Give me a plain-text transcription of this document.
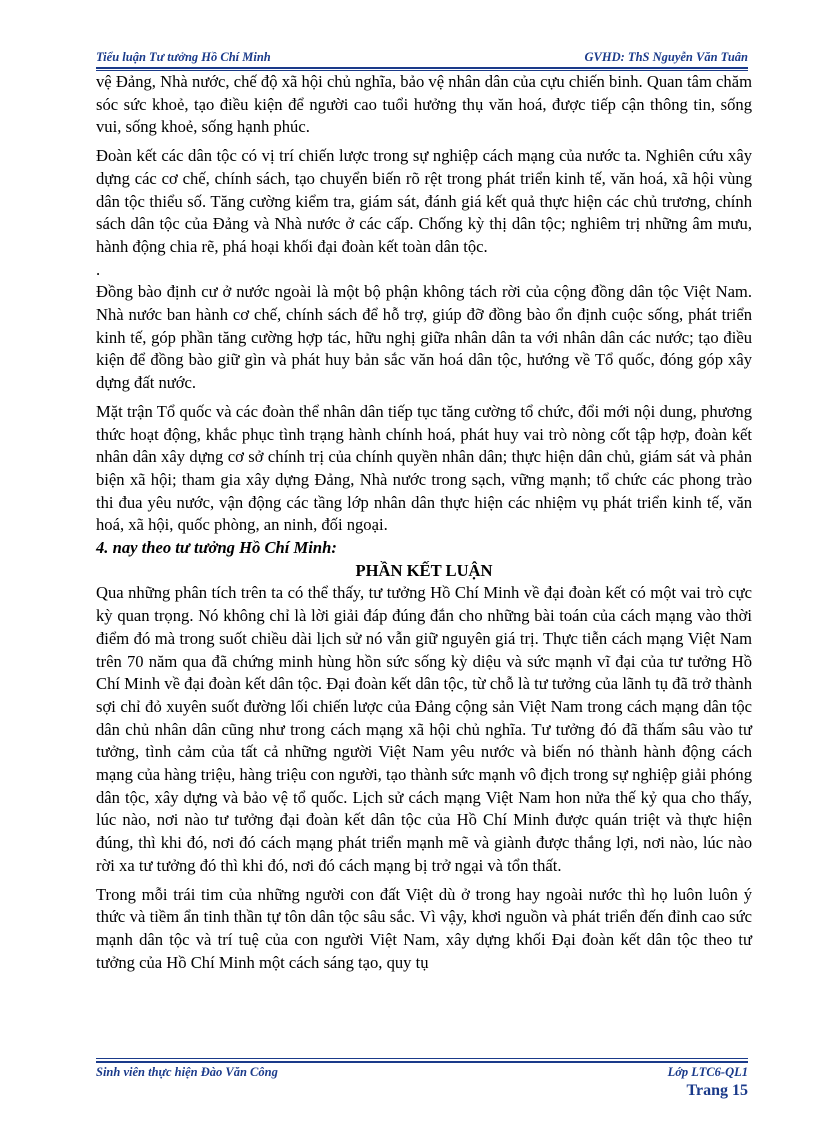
Tiểu luận Tư tưởng Hồ Chí Minh	GVHD: ThS Nguyễn Văn Tuân

vệ Đảng, Nhà nước, chế độ xã hội chủ nghĩa, bảo vệ nhân dân của cựu chiến binh. Quan tâm chăm sóc sức khoẻ, tạo điều kiện để người cao tuổi hưởng thụ văn hoá, được tiếp cận thông tin, sống vui, sống khoẻ, sống hạnh phúc.

Đoàn kết các dân tộc có vị trí chiến lược trong sự nghiệp cách mạng của nước ta. Nghiên cứu xây dựng các cơ chế, chính sách, tạo chuyển biến rõ rệt trong phát triển kinh tế, văn hoá, xã hội vùng dân tộc thiểu số. Tăng cường kiểm tra, giám sát, đánh giá kết quả thực hiện các chủ trương, chính sách dân tộc của Đảng và Nhà nước ở các cấp. Chống kỳ thị dân tộc; nghiêm trị những âm mưu, hành động chia rẽ, phá hoại khối đại đoàn kết toàn dân tộc.

.

Đồng bào định cư ở nước ngoài là một bộ phận không tách rời của cộng đồng dân tộc Việt Nam. Nhà nước ban hành cơ chế, chính sách để hỗ trợ, giúp đỡ đồng bào ổn định cuộc sống, phát triển kinh tế, góp phần tăng cường hợp tác, hữu nghị giữa nhân dân ta với nhân dân các nước; tạo điều kiện để đồng bào giữ gìn và phát huy bản sắc văn hoá dân tộc, hướng về Tổ quốc, đóng góp xây dựng đất nước.

Mặt trận Tổ quốc và các đoàn thể nhân dân tiếp tục tăng cường tổ chức, đổi mới nội dung, phương thức hoạt động, khắc phục tình trạng hành chính hoá, phát huy vai trò nòng cốt tập hợp, đoàn kết nhân dân xây dựng cơ sở chính trị của chính quyền nhân dân; thực hiện dân chủ, giám sát và phản biện xã hội; tham gia xây dựng Đảng, Nhà nước trong sạch, vững mạnh; tổ chức các phong trào thi đua yêu nước, vận động các tầng lớp nhân dân thực hiện các nhiệm vụ phát triển kinh tế, văn hoá, xã hội, quốc phòng, an ninh, đối ngoại.

4. nay theo tư tưởng Hồ Chí Minh:

PHẦN KẾT LUẬN

Qua những phân tích trên ta có thể thấy, tư tưởng Hồ Chí Minh về đại đoàn kết có một vai trò cực kỳ quan trọng. Nó không chỉ là lời giải đáp đúng đắn cho những bài toán của cách mạng vào thời điểm đó mà trong suốt chiều dài lịch sử nó vẫn giữ nguyên giá trị. Thực tiễn cách mạng Việt Nam trên 70 năm qua đã chứng minh hùng hồn sức sống kỳ diệu và sức mạnh vĩ đại của tư tưởng Hồ Chí Minh về đại đoàn kết dân tộc. Đại đoàn kết dân tộc, từ chỗ là tư tưởng của lãnh tụ đã trở thành sợi chỉ đỏ xuyên suốt đường lối chiến lược của Đảng cộng sản Việt Nam trong cách mạng dân tộc dân chủ nhân dân cũng như trong cách mạng xã hội chủ nghĩa. Tư tưởng đó đã thấm sâu vào tư tưởng, tình cảm của tất cả những người Việt Nam yêu nước và biến nó thành hành động cách mạng của hàng triệu, hàng triệu con người, tạo thành sức mạnh vô địch trong sự nghiệp giải phóng dân tộc, xây dựng và bảo vệ tổ quốc. Lịch sử cách mạng Việt Nam hon nửa thế kỷ qua cho thấy, lúc nào, nơi nào tư tưởng đại đoàn kết dân tộc của Hồ Chí Minh được quán triệt và thực hiện đúng, thì khi đó, nơi đó cách mạng phát triển mạnh mẽ và giành được thắng lợi, nơi nào, lúc nào rời xa tư tưởng đó thì khi đó, nơi đó cách mạng bị trở ngại và tổn thất.

Trong mỗi trái tim của những người con đất Việt dù ở trong hay ngoài nước thì họ luôn luôn ý thức và tiềm ẩn tinh thần tự tôn dân tộc sâu sắc. Vì vậy, khơi nguồn và phát triển đến đỉnh cao sức mạnh dân tộc và trí tuệ của con người Việt Nam, xây dựng khối Đại đoàn kết dân tộc theo tư tưởng của Hồ Chí Minh một cách sáng tạo, quy tụ

Sinh viên thực hiện Đào Văn Công	Lớp LTC6-QL1
Trang 15
